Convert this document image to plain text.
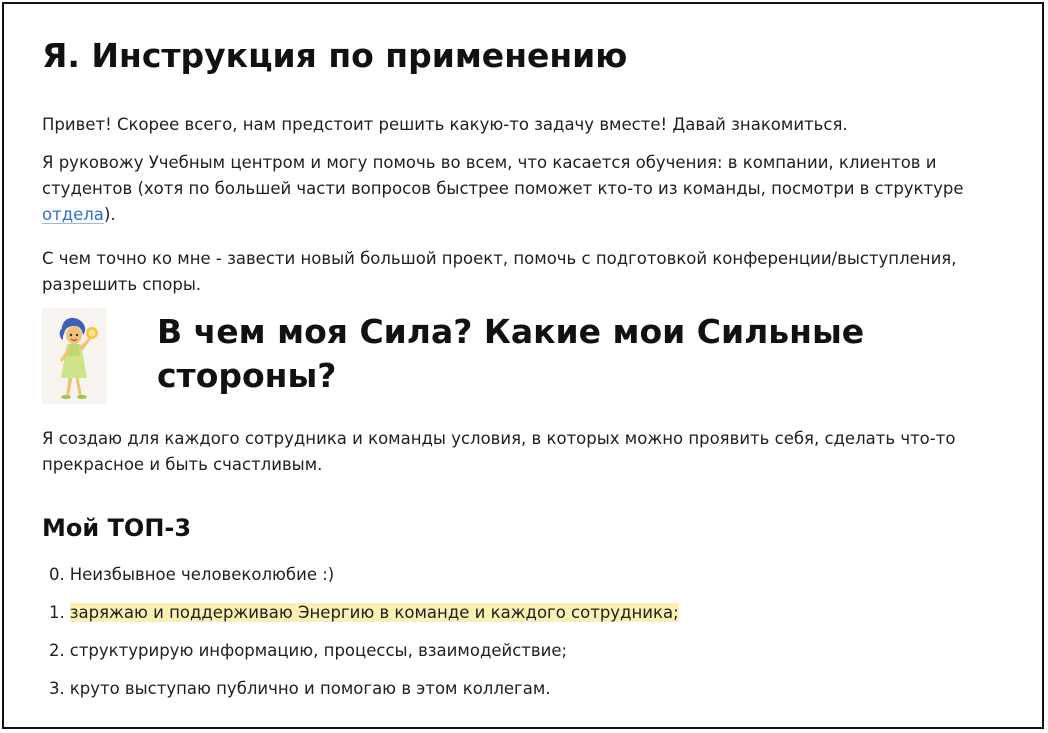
Я. Инструкция по применению

Привет! Скорее всего, нам предстоит решить какую-то задачу вместе! Давай знакомиться.

Я руковожу Учебным центром и могу помочь во всем, что касается обучения: в компании, клиентов и студентов (хотя по большей части вопросов быстрее поможет кто-то из команды, посмотри в структуре отдела).

С чем точно ко мне - завести новый большой проект, помочь с подготовкой конференции/выступления, разрешить споры.

В чем моя Сила? Какие мои Сильные стороны?

Я создаю для каждого сотрудника и команды условия, в которых можно проявить себя, сделать что-то прекрасное и быть счастливым.

Мой ТОП-3
0. Неизбывное человеколюбие :)
1. заряжаю и поддерживаю Энергию в команде и каждого сотрудника;
2. структурирую информацию, процессы, взаимодействие;
3. круто выступаю публично и помогаю в этом коллегам.
